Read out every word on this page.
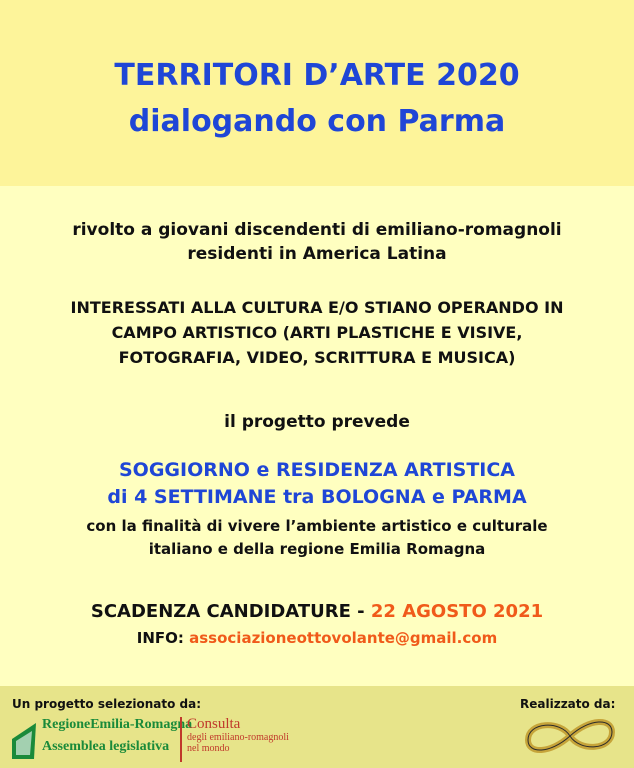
TERRITORI D’ARTE 2020
dialogando con Parma
rivolto a giovani discendenti di emiliano-romagnoli
residenti in America Latina
INTERESSATI ALLA CULTURA E/O STIANO OPERANDO IN
CAMPO ARTISTICO (ARTI PLASTICHE E VISIVE,
FOTOGRAFIA, VIDEO, SCRITTURA E MUSICA)
il progetto prevede
SOGGIORNO e RESIDENZA ARTISTICA
di 4 SETTIMANE tra BOLOGNA e PARMA
con la finalità di vivere l’ambiente artistico e culturale
italiano e della regione Emilia Romagna
SCADENZA CANDIDATURE - 22 AGOSTO 2021
INFO: associazioneottovolante@gmail.com
Un progetto selezionato da:	Realizzato da:
RegioneEmilia-Romagna
Assemblea legislativa
Consulta
degli emiliano-romagnoli
nel mondo
